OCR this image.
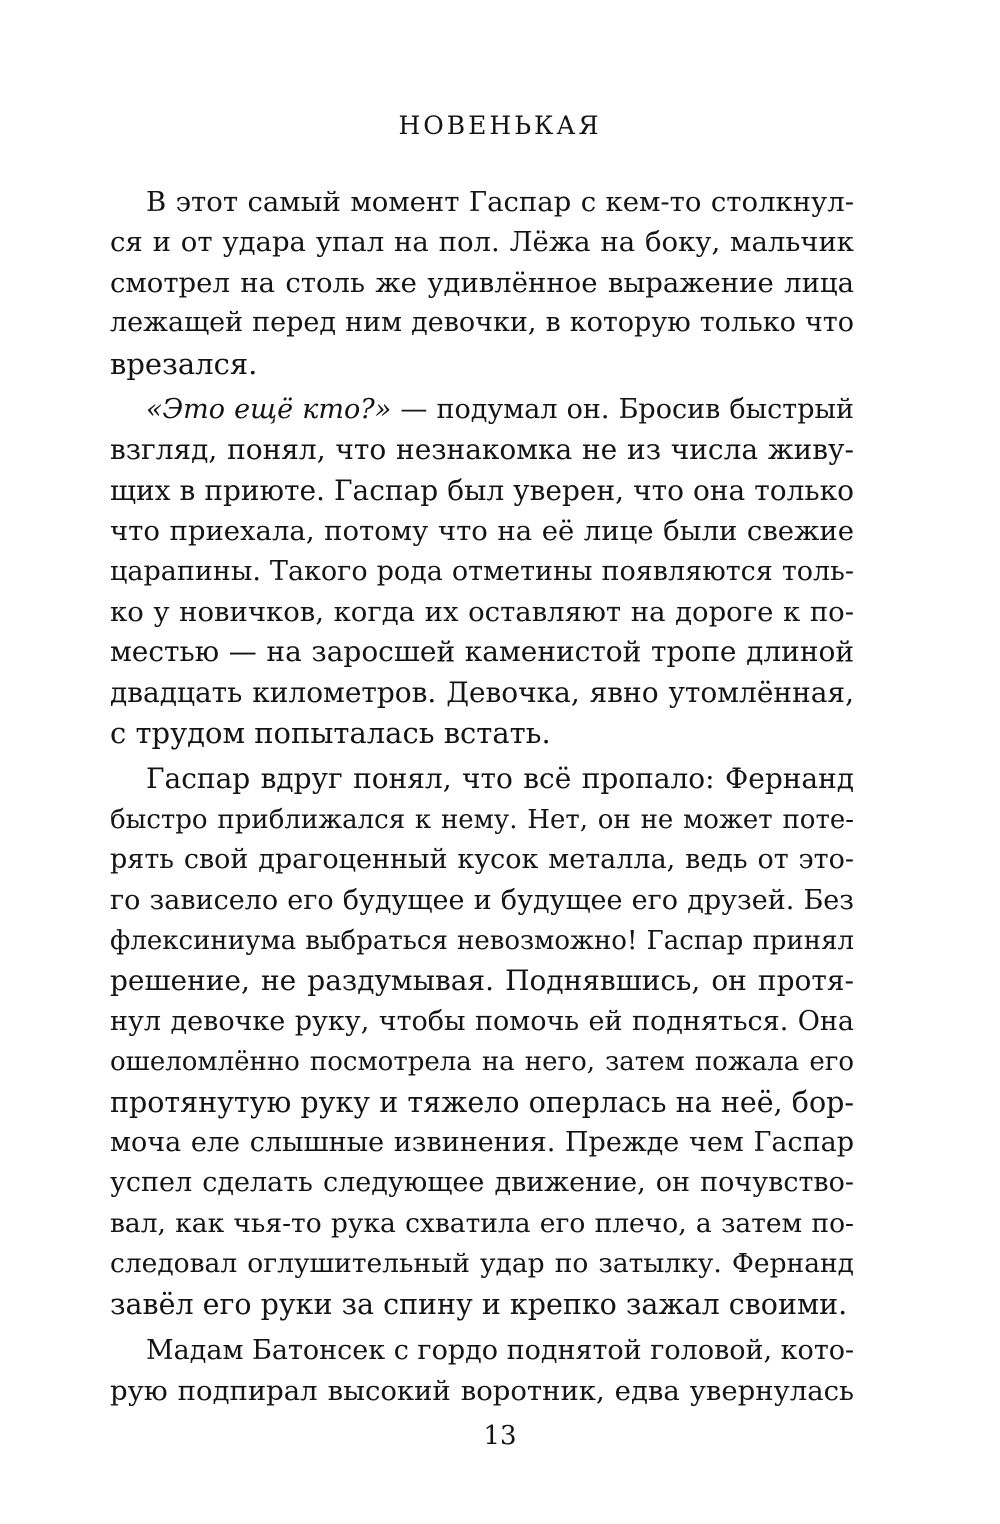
НОВЕНЬКАЯ
В этот самый момент Гаспар с кем-то столкнул-
ся и от удара упал на пол. Лёжа на боку, мальчик
смотрел на столь же удивлённое выражение лица
лежащей перед ним девочки, в которую только что
врезался.
«Это ещё кто?» — подумал он. Бросив быстрый
взгляд, понял, что незнакомка не из числа живу-
щих в приюте. Гаспар был уверен, что она только
что приехала, потому что на её лице были свежие
царапины. Такого рода отметины появляются толь-
ко у новичков, когда их оставляют на дороге к по-
местью — на заросшей каменистой тропе длиной
двадцать километров. Девочка, явно утомлённая,
с трудом попыталась встать.
Гаспар вдруг понял, что всё пропало: Фернанд
быстро приближался к нему. Нет, он не может поте-
рять свой драгоценный кусок металла, ведь от это-
го зависело его будущее и будущее его друзей. Без
флексиниума выбраться невозможно! Гаспар принял
решение, не раздумывая. Поднявшись, он протя-
нул девочке руку, чтобы помочь ей подняться. Она
ошеломлённо посмотрела на него, затем пожала его
протянутую руку и тяжело оперлась на неё, бор-
моча еле слышные извинения. Прежде чем Гаспар
успел сделать следующее движение, он почувство-
вал, как чья-то рука схватила его плечо, а затем по-
следовал оглушительный удар по затылку. Фернанд
завёл его руки за спину и крепко зажал своими.
Мадам Батонсек с гордо поднятой головой, кото-
рую подпирал высокий воротник, едва увернулась
13
